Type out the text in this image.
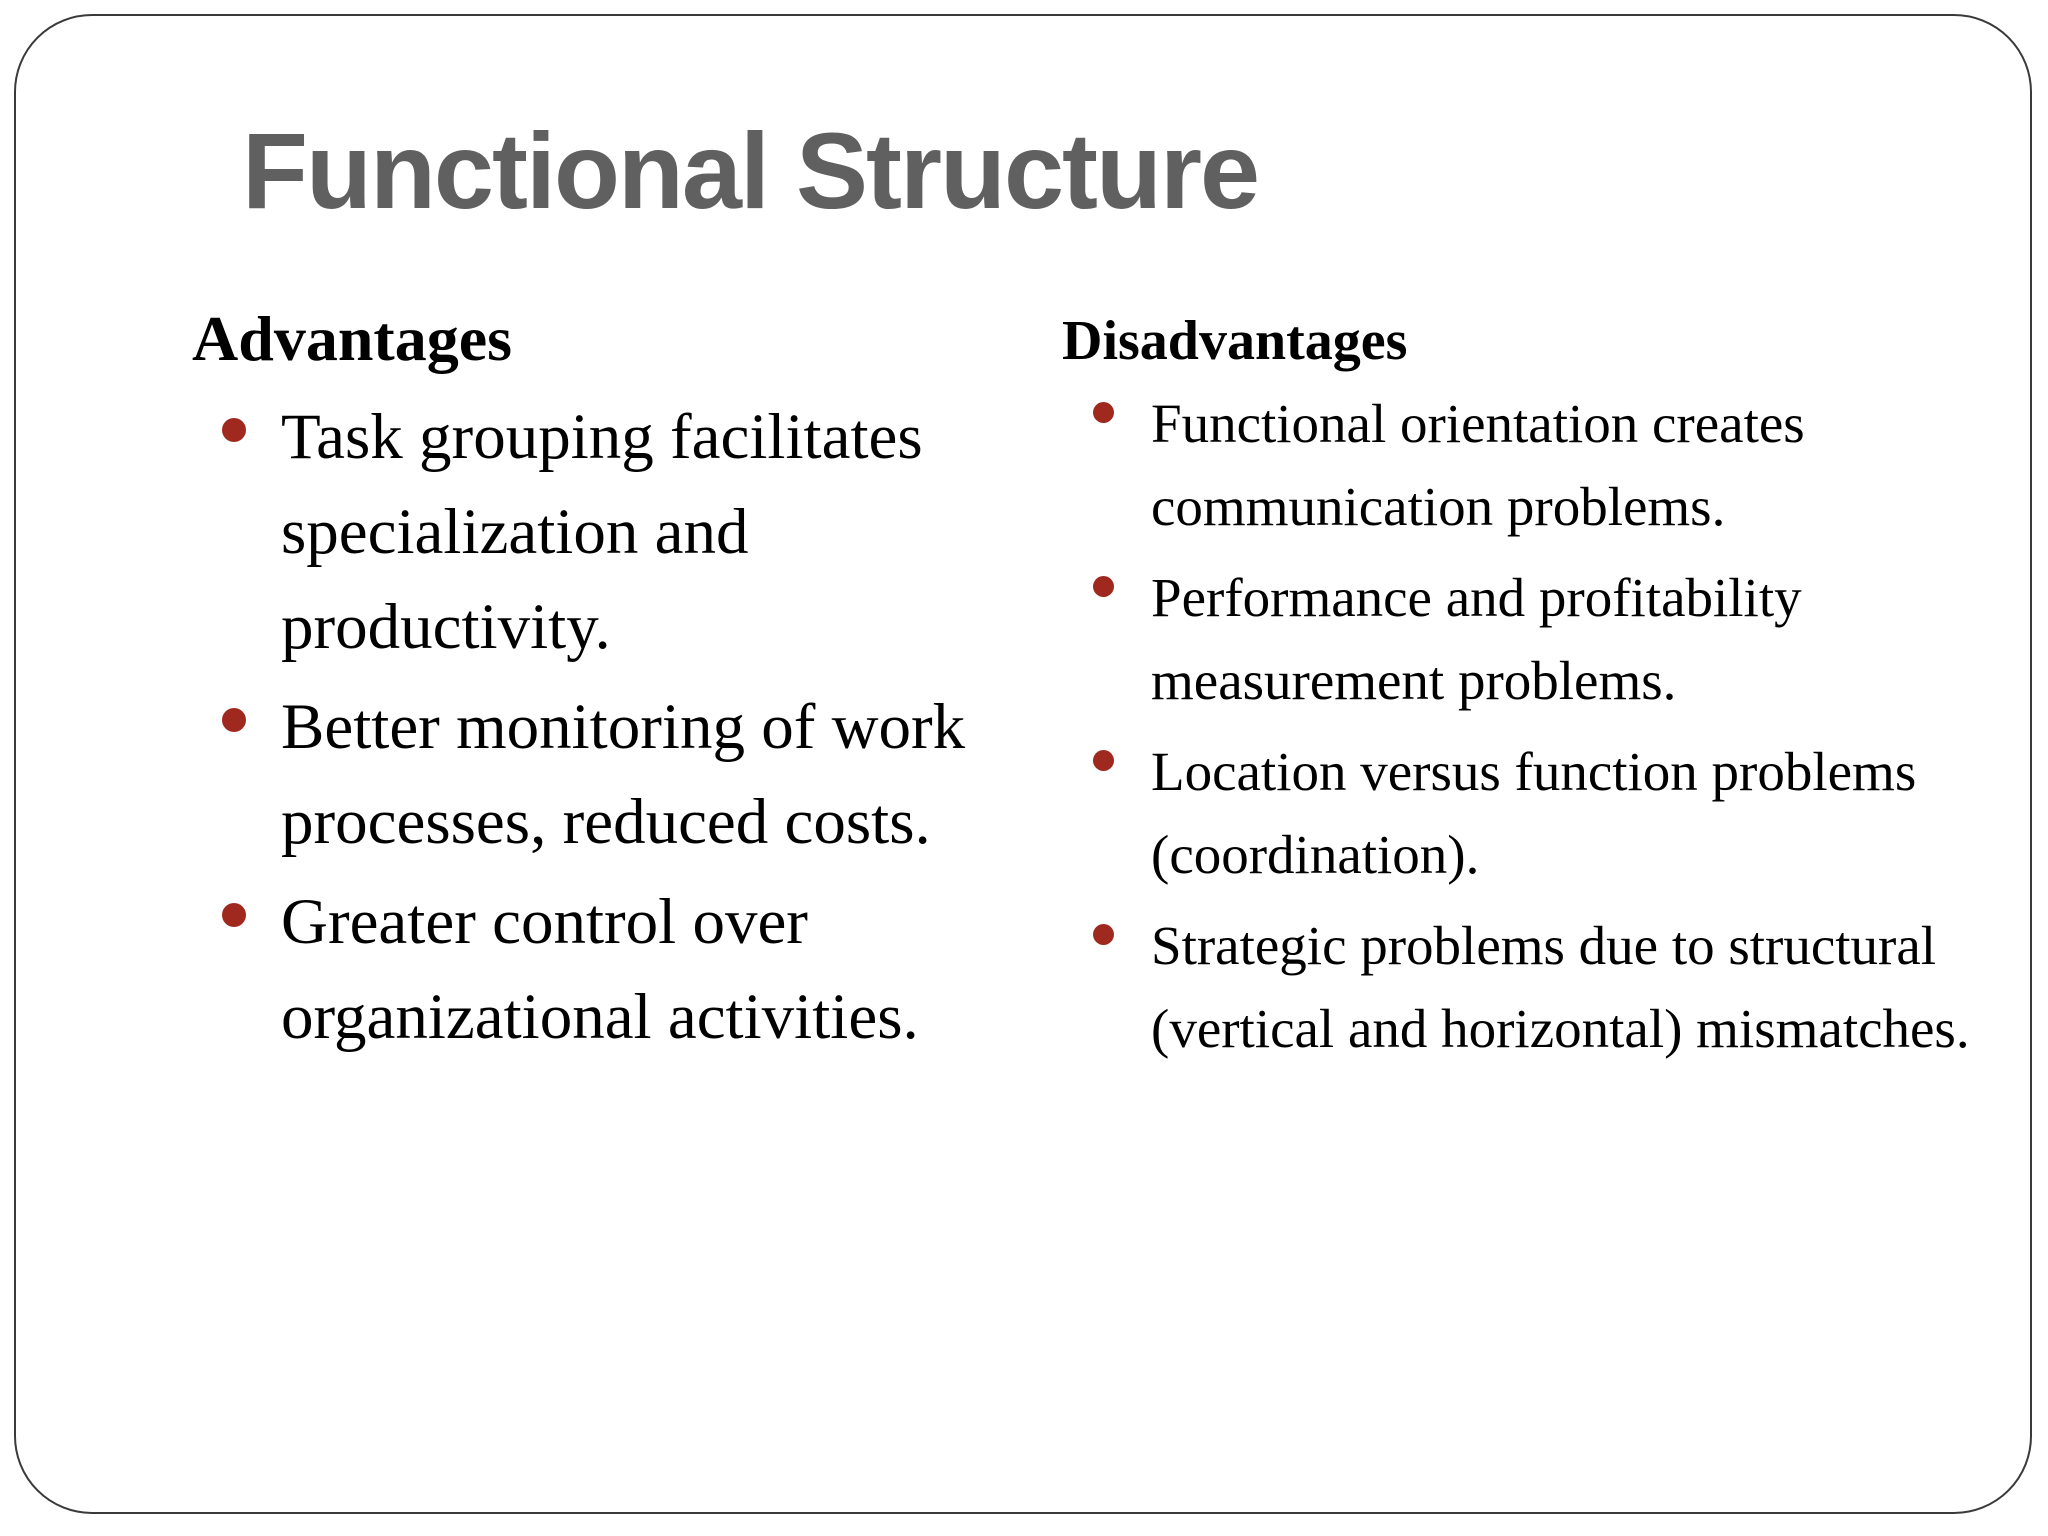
Functional Structure
Advantages
Task grouping facilitates specialization and productivity.
Better monitoring of work processes, reduced costs.
Greater control over organizational activities.
Disadvantages
Functional orientation creates communication problems.
Performance and profitability measurement problems.
Location versus function problems (coordination).
Strategic problems due to structural (vertical and horizontal) mismatches.
